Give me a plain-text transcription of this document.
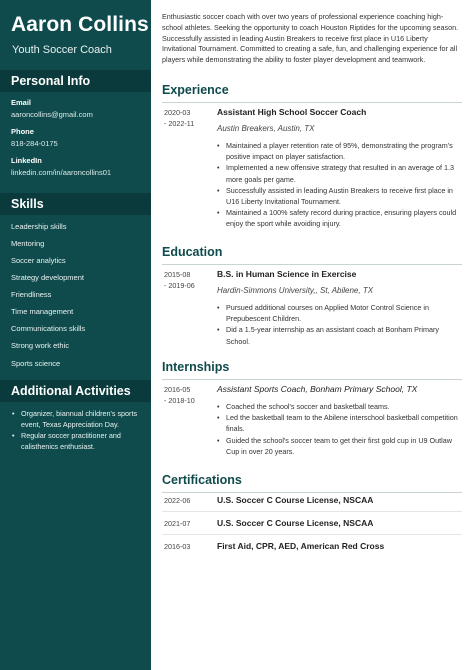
Aaron Collins
Youth Soccer Coach
Personal Info
Email
aaroncollins@gmail.com
Phone
818-284-0175
LinkedIn
linkedin.com/in/aaroncollins01
Skills
Leadership skills
Mentoring
Soccer analytics
Strategy development
Friendliness
Time management
Communications skills
Strong work ethic
Sports science
Additional Activities
• Organizer, biannual children's sports event, Texas Appreciation Day.
• Regular soccer practitioner and calisthenics enthusiast.
Enthusiastic soccer coach with over two years of professional experience coaching high-school athletes. Seeking the opportunity to coach Houston Riptides for the upcoming season. Successfully assisted in leading Austin Breakers to receive first place in U16 Liberty Invitational Tournament. Committed to creating a safe, fun, and challenging experience for all players while demonstrating the ability to foster player development and teamwork.
Experience
2020-03
- 2022-11
Assistant High School Soccer Coach
Austin Breakers, Austin, TX
• Maintained a player retention rate of 95%, demonstrating the program's positive impact on player satisfaction.
• Implemented a new offensive strategy that resulted in an average of 1.3 more goals per game.
• Successfully assisted in leading Austin Breakers to receive first place in U16 Liberty Invitational Tournament.
• Maintained a 100% safety record during practice, ensuring players could enjoy the sport while avoiding injury.
Education
2015-08
- 2019-06
B.S. in Human Science in Exercise
Hardin-Simmons University,, St, Abilene, TX
• Pursued additional courses on Applied Motor Control Science in Prepubescent Children.
• Did a 1.5-year internship as an assistant coach at Bonham Primary School.
Internships
2016-05
- 2018-10
Assistant Sports Coach, Bonham Primary School, TX
• Coached the school's soccer and basketball teams.
• Led the basketball team to the Abilene interschool basketball competition finals.
• Guided the school's soccer team to get their first gold cup in U9 Outlaw Cup in over 20 years.
Certifications
2022-06	U.S. Soccer C Course License, NSCAA
2021-07	U.S. Soccer C Course License, NSCAA
2016-03	First Aid, CPR, AED, American Red Cross
